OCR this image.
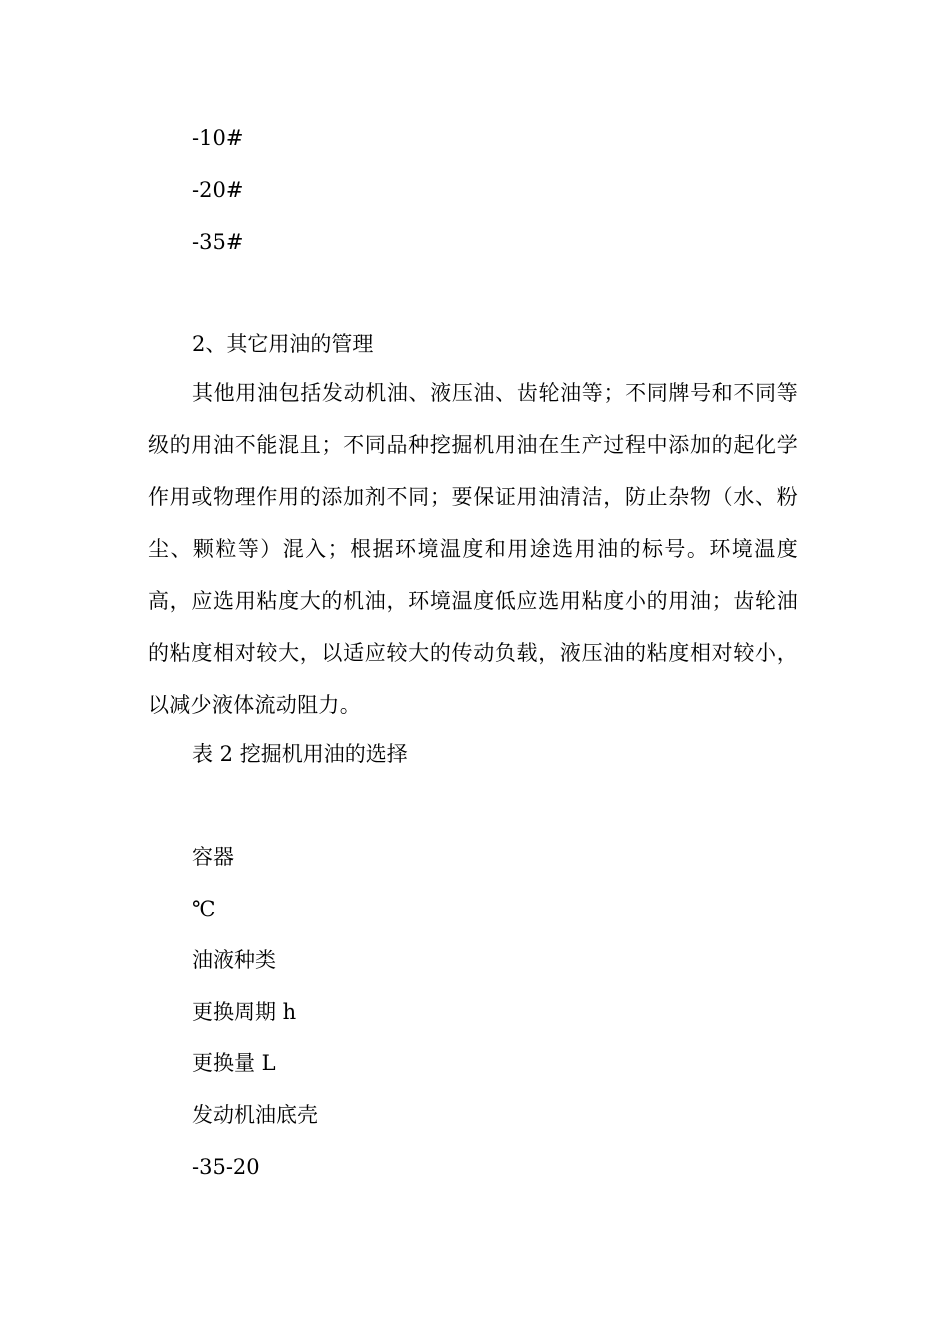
-10#
-20#
-35#
2、其它用油的管理
其他用油包括发动机油、液压油、齿轮油等；不同牌号和不同等级的用油不能混且；不同品种挖掘机用油在生产过程中添加的起化学作用或物理作用的添加剂不同；要保证用油清洁，防止杂物（水、粉尘、颗粒等）混入；根据环境温度和用途选用油的标号。环境温度高，应选用粘度大的机油，环境温度低应选用粘度小的用油；齿轮油的粘度相对较大，以适应较大的传动负载，液压油的粘度相对较小，以减少液体流动阻力。
表 2 挖掘机用油的选择
容器
℃
油液种类
更换周期 h
更换量 L
发动机油底壳
-35-20
